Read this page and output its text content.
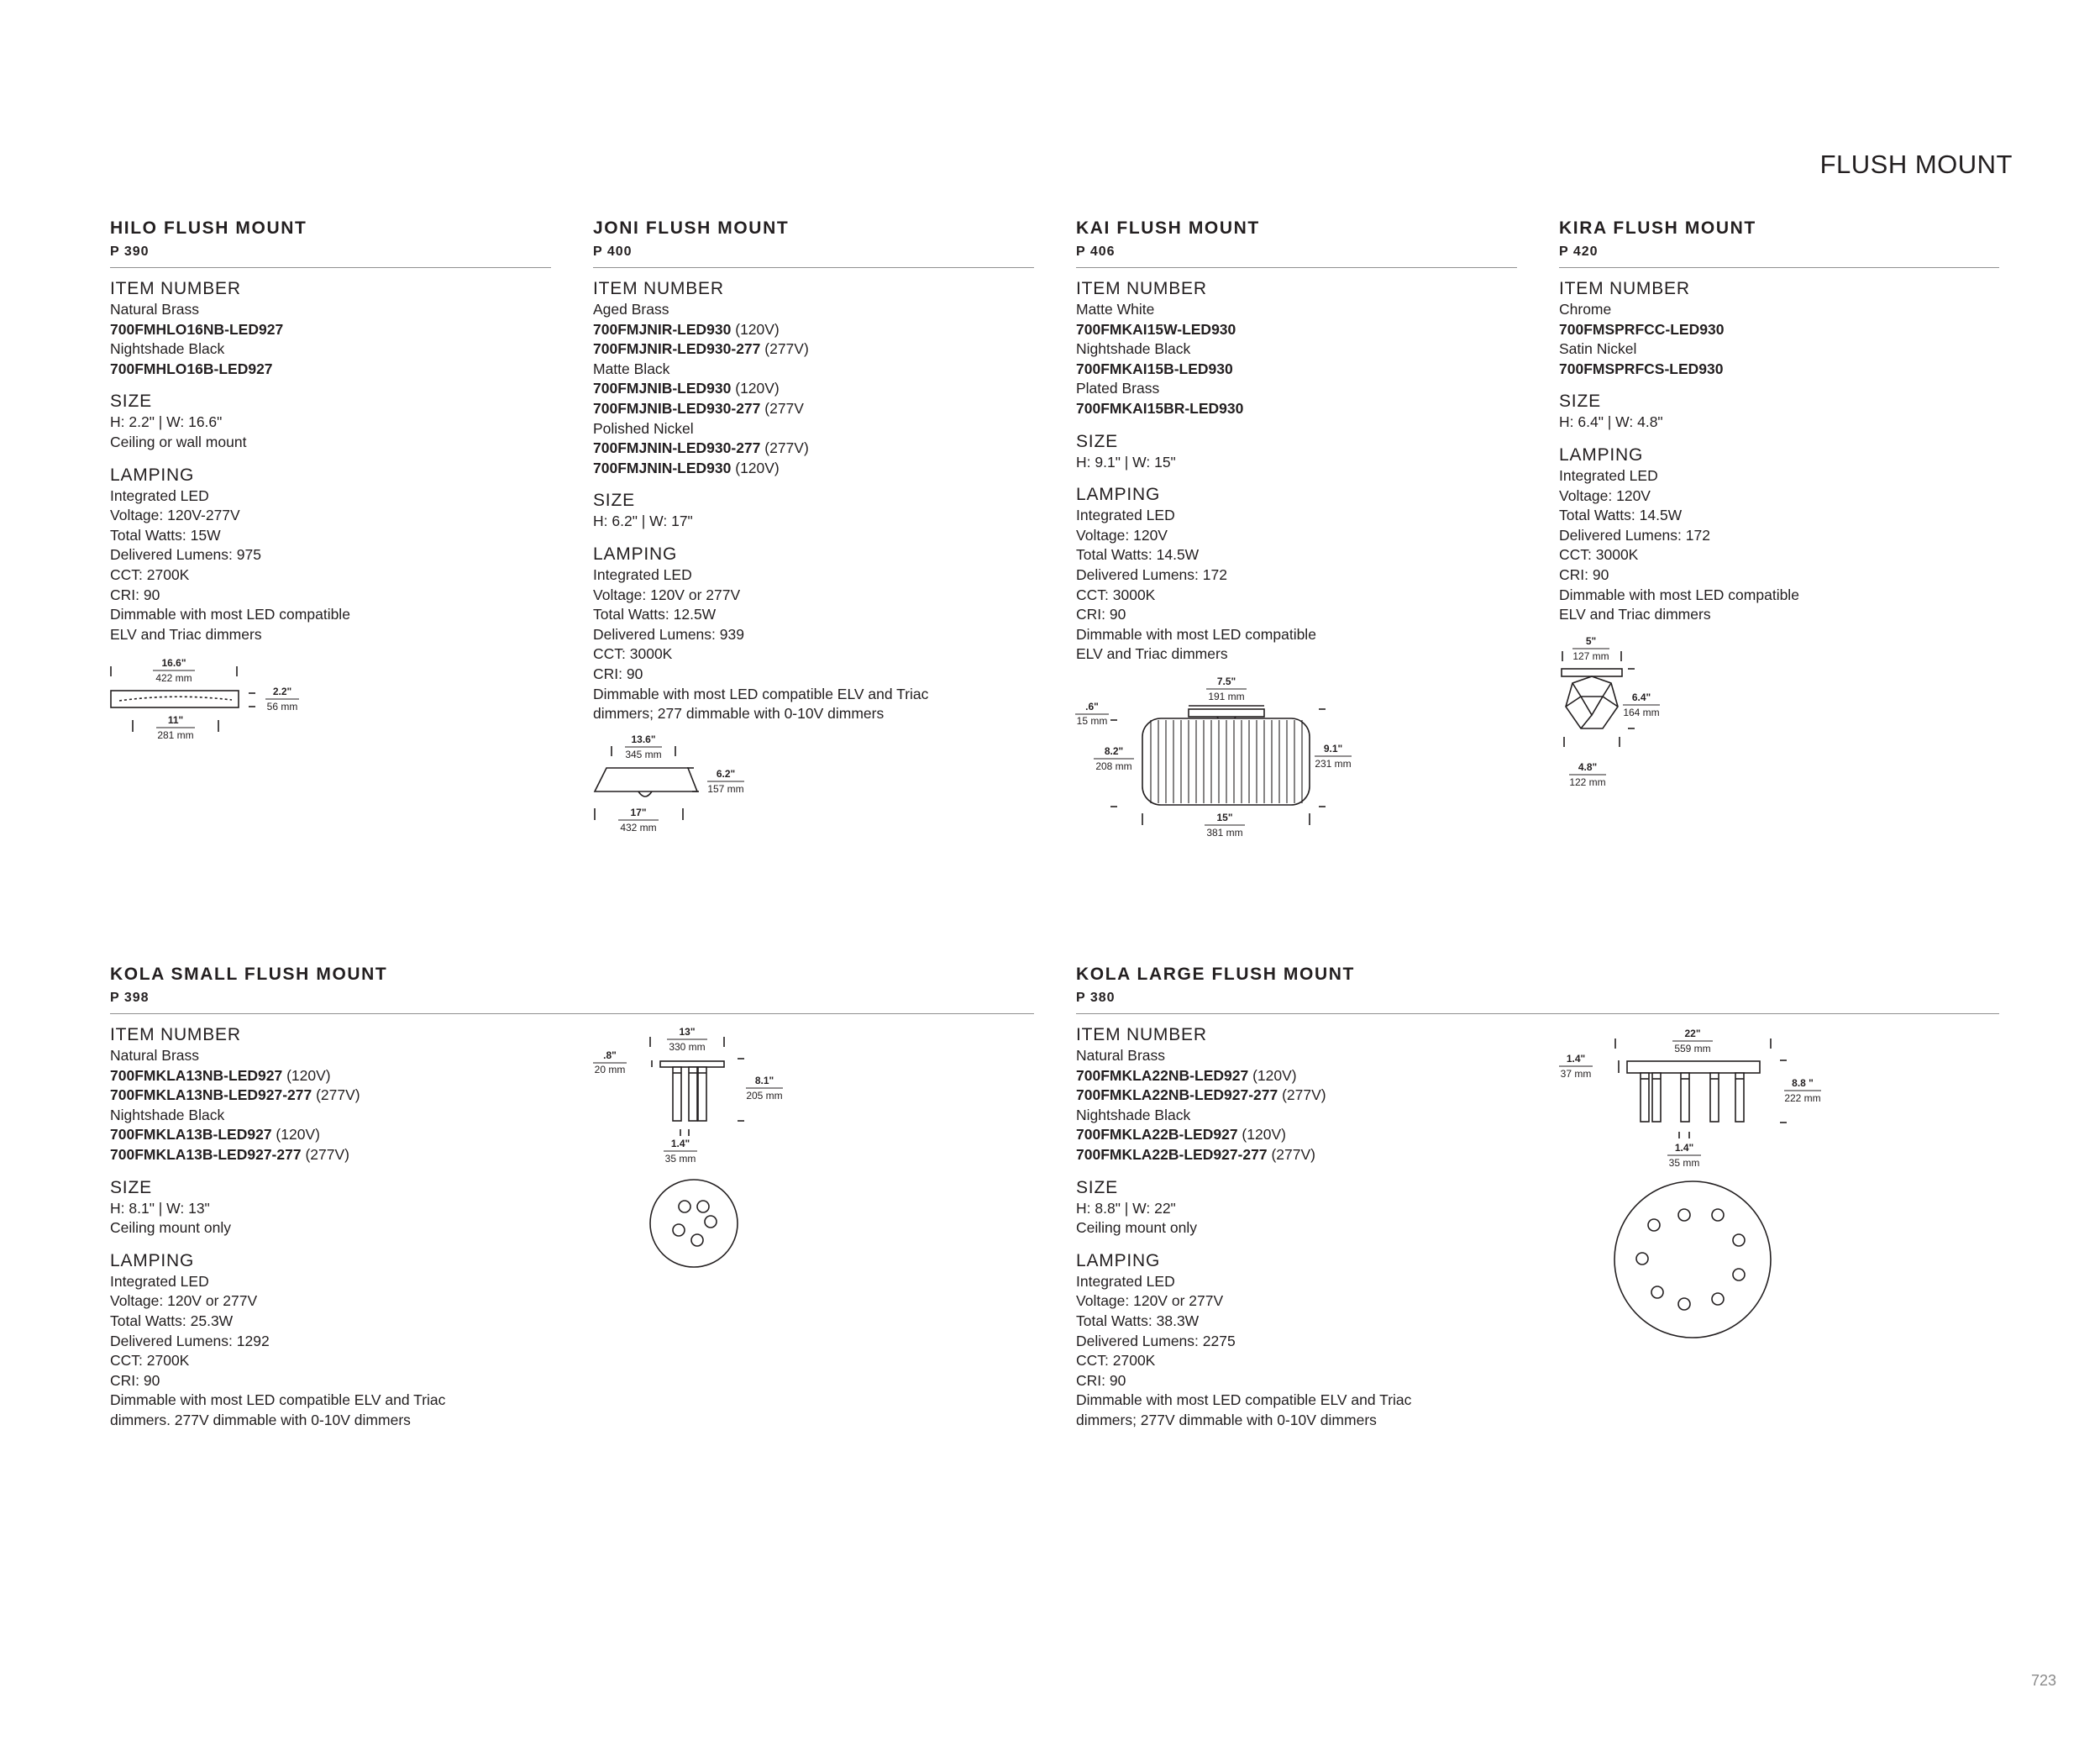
FLUSH MOUNT
HILO FLUSH MOUNT
P 390
ITEM NUMBER
Natural Brass
700FMHLO16NB-LED927
Nightshade Black
700FMHLO16B-LED927
SIZE
H: 2.2" | W: 16.6"
Ceiling or wall mount
LAMPING
Integrated LED
Voltage: 120V-277V
Total Watts: 15W
Delivered Lumens: 975
CCT: 2700K
CRI: 90
Dimmable with most LED compatible
ELV and Triac dimmers
JONI FLUSH MOUNT
P 400
ITEM NUMBER
Aged Brass
700FMJNIR-LED930 (120V)
700FMJNIR-LED930-277 (277V)
Matte Black
700FMJNIB-LED930 (120V)
700FMJNIB-LED930-277 (277V
Polished Nickel
700FMJNIN-LED930-277 (277V)
700FMJNIN-LED930 (120V)
SIZE
H: 6.2" | W: 17"
LAMPING
Integrated LED
Voltage: 120V or 277V
Total Watts: 12.5W
Delivered Lumens: 939
CCT: 3000K
CRI: 90
Dimmable with most LED compatible ELV and Triac
dimmers; 277 dimmable with 0-10V dimmers
KAI FLUSH MOUNT
P 406
ITEM NUMBER
Matte White
700FMKAI15W-LED930
Nightshade Black
700FMKAI15B-LED930
Plated Brass
700FMKAI15BR-LED930
SIZE
H: 9.1" | W: 15"
LAMPING
Integrated LED
Voltage: 120V
Total Watts: 14.5W
Delivered Lumens: 172
CCT: 3000K
CRI: 90
Dimmable with most LED compatible
ELV and Triac dimmers
KIRA FLUSH MOUNT
P 420
ITEM NUMBER
Chrome
700FMSPRFCC-LED930
Satin Nickel
700FMSPRFCS-LED930
SIZE
H: 6.4" | W: 4.8"
LAMPING
Integrated LED
Voltage: 120V
Total Watts: 14.5W
Delivered Lumens: 172
CCT: 3000K
CRI: 90
Dimmable with most LED compatible
ELV and Triac dimmers
KOLA SMALL FLUSH MOUNT
P 398
ITEM NUMBER
Natural Brass
700FMKLA13NB-LED927 (120V)
700FMKLA13NB-LED927-277 (277V)
Nightshade Black
700FMKLA13B-LED927 (120V)
700FMKLA13B-LED927-277 (277V)
SIZE
H: 8.1" | W: 13"
Ceiling mount only
LAMPING
Integrated LED
Voltage: 120V or 277V
Total Watts: 25.3W
Delivered Lumens: 1292
CCT: 2700K
CRI: 90
Dimmable with most LED compatible ELV and Triac
dimmers. 277V dimmable with 0-10V dimmers
KOLA LARGE FLUSH MOUNT
P 380
ITEM NUMBER
Natural Brass
700FMKLA22NB-LED927 (120V)
700FMKLA22NB-LED927-277 (277V)
Nightshade Black
700FMKLA22B-LED927 (120V)
700FMKLA22B-LED927-277 (277V)
SIZE
H: 8.8" | W: 22"
Ceiling mount only
LAMPING
Integrated LED
Voltage: 120V or 277V
Total Watts: 38.3W
Delivered Lumens: 2275
CCT: 2700K
CRI: 90
Dimmable with most LED compatible ELV and Triac
dimmers; 277V dimmable with 0-10V dimmers
16.6"
422 mm
2.2"
56 mm
11"
281 mm	13.6"
345 mm
6.2"
157 mm
17"
432 mm
7.5"
191 mm
.6"
15 mm
8.2"
208 mm
9.1"
231 mm
15"
381 mm
5"
127 mm
6.4"
164 mm
4.8"
122 mm
13"
330 mm
.8"
20 mm
8.1"
205 mm
1.4"
35 mm
22"
559 mm
1.4"
37 mm
8.8 "
222 mm
1.4"
35 mm
723
